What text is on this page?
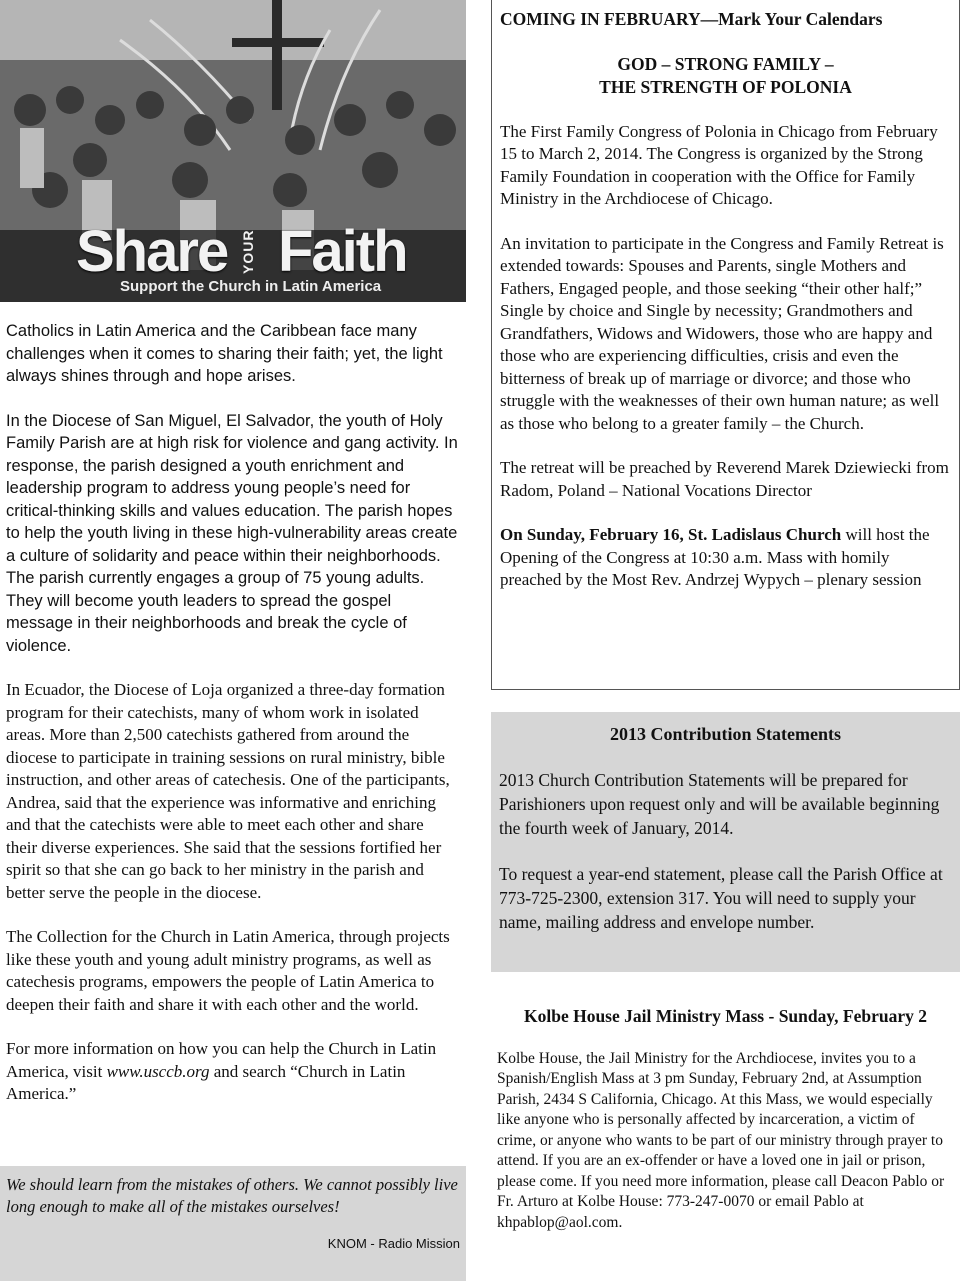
Share YOUR Faith
Support the Church in Latin America

Catholics in Latin America and the Caribbean face many challenges when it comes to sharing their faith; yet, the light always shines through and hope arises.

In the Diocese of San Miguel, El Salvador, the youth of Holy Family Parish are at high risk for violence and gang activity. In response, the parish designed a youth enrichment and leadership program to address young people’s need for critical-thinking skills and values education. The parish hopes to help the youth living in these high-vulnerability areas create a culture of solidarity and peace within their neighborhoods. The parish currently engages a group of 75 young adults. They will become youth leaders to spread the gospel message in their neighborhoods and break the cycle of violence.

In Ecuador, the Diocese of Loja organized a three-day formation program for their catechists, many of whom work in isolated areas. More than 2,500 catechists gathered from around the diocese to participate in training sessions on rural ministry, bible instruction, and other areas of catechesis. One of the participants, Andrea, said that the experience was informative and enriching and that the catechists were able to meet each other and share their diverse experiences. She said that the sessions fortified her spirit so that she can go back to her ministry in the parish and better serve the people in the diocese.

The Collection for the Church in Latin America, through projects like these youth and young adult ministry programs, as well as catechesis programs, empowers the people of Latin America to deepen their faith and share it with each other and the world.

For more information on how you can help the Church in Latin America, visit www.usccb.org and search “Church in Latin America.”

We should learn from the mistakes of others. We cannot possibly live long enough to make all of the mistakes ourselves!
KNOM - Radio Mission
COMING IN FEBRUARY—Mark Your Calendars
GOD – STRONG FAMILY –
THE STRENGTH OF POLONIA

The First Family Congress of Polonia in Chicago from February 15 to March 2, 2014. The Congress is organized by the Strong Family Foundation in cooperation with the Office for Family Ministry in the Archdiocese of Chicago.

An invitation to participate in the Congress and Family Retreat is extended towards: Spouses and Parents, single Mothers and Fathers, Engaged people, and those seeking “their other half;” Single by choice and Single by necessity; Grandmothers and Grandfathers, Widows and Widowers, those who are happy and those who are experiencing difficulties, crisis and even the bitterness of break up of marriage or divorce; and those who struggle with the weaknesses of their own human nature; as well as those who belong to a greater family – the Church.

The retreat will be preached by Reverend Marek Dziewiecki from Radom, Poland – National Vocations Director

On Sunday, February 16, St. Ladislaus Church will host the Opening of the Congress at 10:30 a.m. Mass with homily preached by the Most Rev. Andrzej Wypych – plenary session

2013 Contribution Statements

2013 Church Contribution Statements will be prepared for Parishioners upon request only and will be available beginning the fourth week of January, 2014.

To request a year-end statement, please call the Parish Office at 773-725-2300, extension 317. You will need to supply your name, mailing address and envelope number.

Kolbe House Jail Ministry Mass - Sunday, February 2

Kolbe House, the Jail Ministry for the Archdiocese, invites you to a Spanish/English Mass at 3 pm Sunday, February 2nd, at Assumption Parish, 2434 S California, Chicago. At this Mass, we would especially like anyone who is personally affected by incarceration, a victim of crime, or anyone who wants to be part of our ministry through prayer to attend. If you are an ex-offender or have a loved one in jail or prison, please come. If you need more information, please call Deacon Pablo or Fr. Arturo at Kolbe House: 773-247-0070 or email Pablo at khpablop@aol.com.
